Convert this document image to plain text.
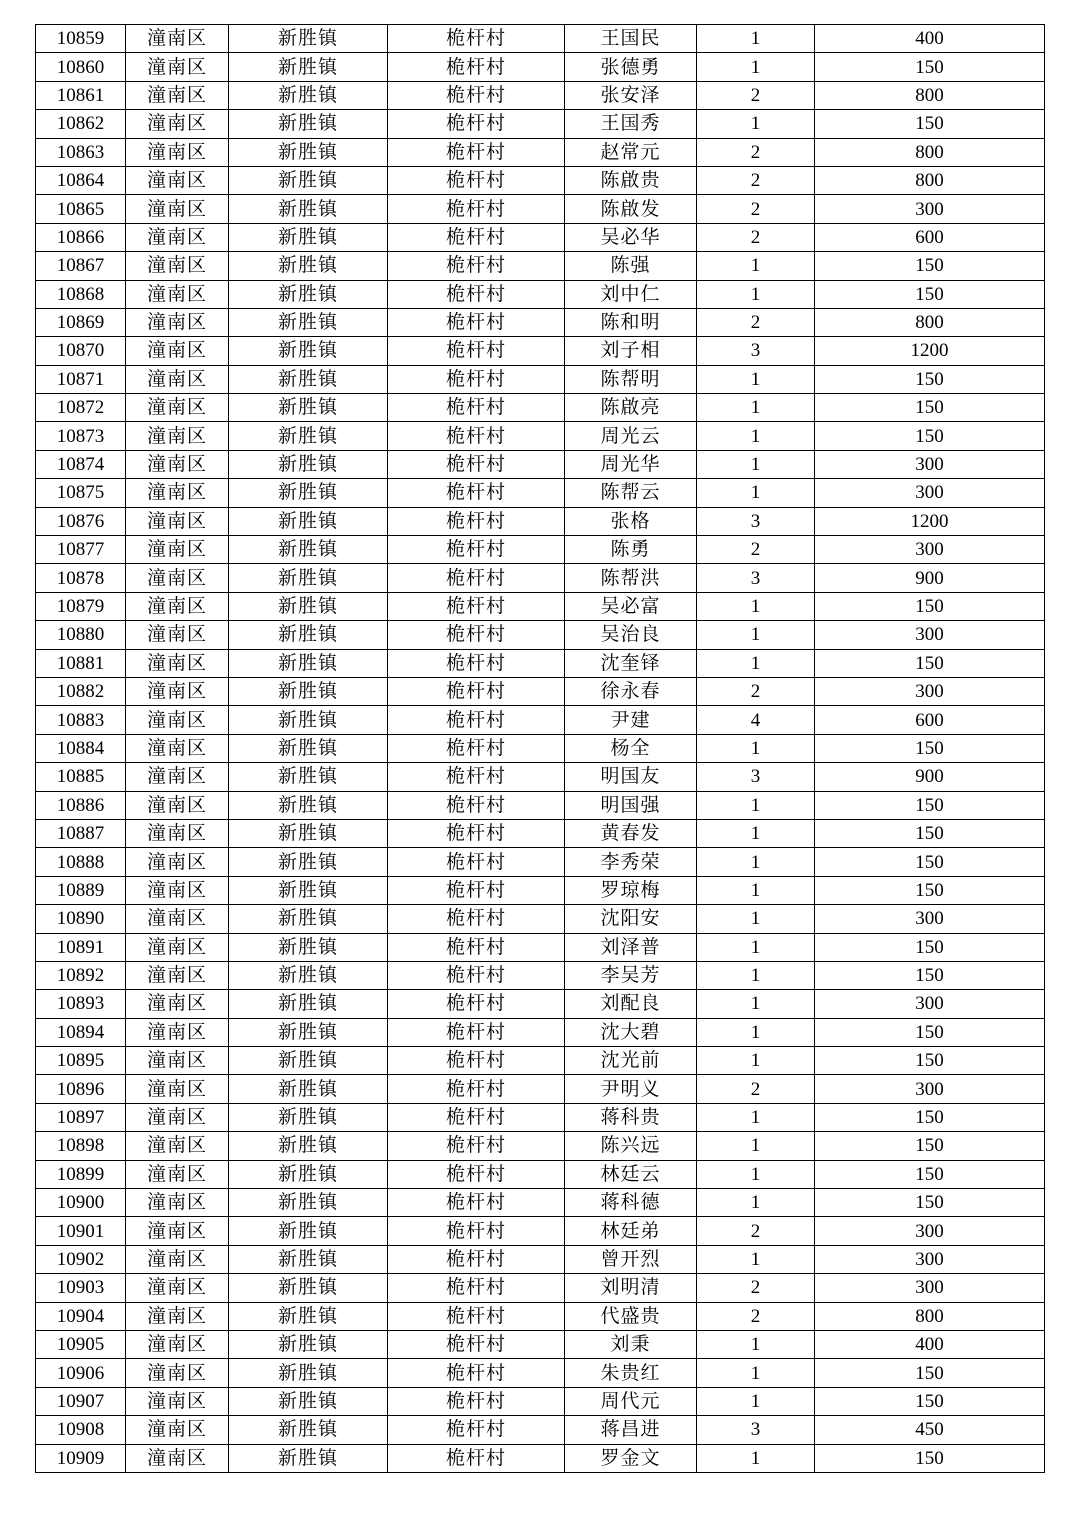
10859	潼南区	新胜镇	桅杆村	王国民	1	400
10860	潼南区	新胜镇	桅杆村	张德勇	1	150
10861	潼南区	新胜镇	桅杆村	张安泽	2	800
10862	潼南区	新胜镇	桅杆村	王国秀	1	150
10863	潼南区	新胜镇	桅杆村	赵常元	2	800
10864	潼南区	新胜镇	桅杆村	陈啟贵	2	800
10865	潼南区	新胜镇	桅杆村	陈啟发	2	300
10866	潼南区	新胜镇	桅杆村	吴必华	2	600
10867	潼南区	新胜镇	桅杆村	陈强	1	150
10868	潼南区	新胜镇	桅杆村	刘中仁	1	150
10869	潼南区	新胜镇	桅杆村	陈和明	2	800
10870	潼南区	新胜镇	桅杆村	刘子相	3	1200
10871	潼南区	新胜镇	桅杆村	陈帮明	1	150
10872	潼南区	新胜镇	桅杆村	陈啟亮	1	150
10873	潼南区	新胜镇	桅杆村	周光云	1	150
10874	潼南区	新胜镇	桅杆村	周光华	1	300
10875	潼南区	新胜镇	桅杆村	陈帮云	1	300
10876	潼南区	新胜镇	桅杆村	张格	3	1200
10877	潼南区	新胜镇	桅杆村	陈勇	2	300
10878	潼南区	新胜镇	桅杆村	陈帮洪	3	900
10879	潼南区	新胜镇	桅杆村	吴必富	1	150
10880	潼南区	新胜镇	桅杆村	吴治良	1	300
10881	潼南区	新胜镇	桅杆村	沈奎铎	1	150
10882	潼南区	新胜镇	桅杆村	徐永春	2	300
10883	潼南区	新胜镇	桅杆村	尹建	4	600
10884	潼南区	新胜镇	桅杆村	杨全	1	150
10885	潼南区	新胜镇	桅杆村	明国友	3	900
10886	潼南区	新胜镇	桅杆村	明国强	1	150
10887	潼南区	新胜镇	桅杆村	黄春发	1	150
10888	潼南区	新胜镇	桅杆村	李秀荣	1	150
10889	潼南区	新胜镇	桅杆村	罗琼梅	1	150
10890	潼南区	新胜镇	桅杆村	沈阳安	1	300
10891	潼南区	新胜镇	桅杆村	刘泽普	1	150
10892	潼南区	新胜镇	桅杆村	李吴芳	1	150
10893	潼南区	新胜镇	桅杆村	刘配良	1	300
10894	潼南区	新胜镇	桅杆村	沈大碧	1	150
10895	潼南区	新胜镇	桅杆村	沈光前	1	150
10896	潼南区	新胜镇	桅杆村	尹明义	2	300
10897	潼南区	新胜镇	桅杆村	蒋科贵	1	150
10898	潼南区	新胜镇	桅杆村	陈兴远	1	150
10899	潼南区	新胜镇	桅杆村	林廷云	1	150
10900	潼南区	新胜镇	桅杆村	蒋科德	1	150
10901	潼南区	新胜镇	桅杆村	林廷弟	2	300
10902	潼南区	新胜镇	桅杆村	曾开烈	1	300
10903	潼南区	新胜镇	桅杆村	刘明清	2	300
10904	潼南区	新胜镇	桅杆村	代盛贵	2	800
10905	潼南区	新胜镇	桅杆村	刘秉	1	400
10906	潼南区	新胜镇	桅杆村	朱贵红	1	150
10907	潼南区	新胜镇	桅杆村	周代元	1	150
10908	潼南区	新胜镇	桅杆村	蒋昌进	3	450
10909	潼南区	新胜镇	桅杆村	罗金文	1	150
